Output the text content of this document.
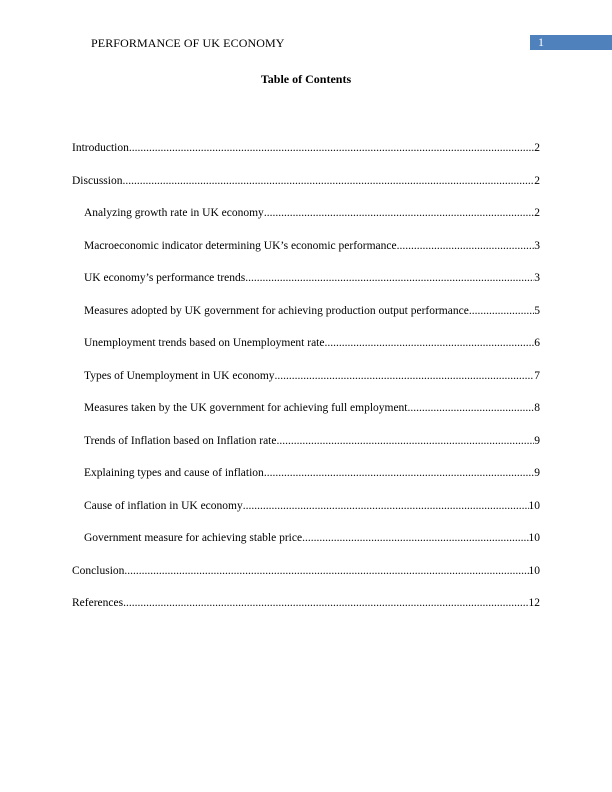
PERFORMANCE OF UK ECONOMY	1
Table of Contents
Introduction .....	2
Discussion .....	2
Analyzing growth rate in UK economy .....	2
Macroeconomic indicator determining UK’s economic performance .....	3
UK economy’s performance trends .....	3
Measures adopted by UK government for achieving production output performance .....	5
Unemployment trends based on Unemployment rate .....	6
Types of Unemployment in UK economy .....	7
Measures taken by the UK government for achieving full employment .....	8
Trends of Inflation based on Inflation rate .....	9
Explaining types and cause of inflation .....	9
Cause of inflation in UK economy .....	10
Government measure for achieving stable price .....	10
Conclusion .....	10
References .....	12
